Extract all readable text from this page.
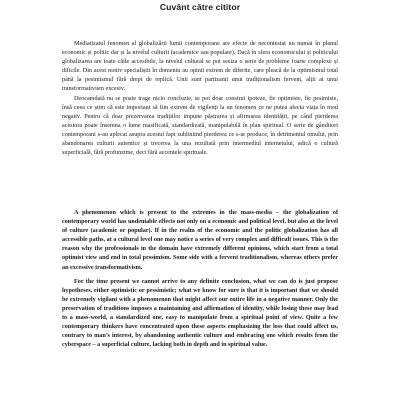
Cuvânt către cititor

Mediatizatul fenomen al globalizării lumii contemporane are efecte de necontestat nu numai în planul economic și politic dar și la nivelul culturii (academice sau populare). Dacă în sfera economicului și politicului globalizarea are toate căile accesibile, la nivelul cultural se pot sesiza o serie de probleme foarte complexe și dificile. Din acest motiv specialiștii în domeniu au opinii extrem de diferite, care pleacă de la optimismul total până la pesimismul fără drept de replică. Unii sunt partizanii unui tradiționalism fervent, alții ai unui transformativism excesiv.

Deocamdată nu se poate trage nicio concluzie, se pot doar construi ipoteze, fie optimiste, fie pesimiste, însă ceea ce știm că este important să fim extrem de vigilenți la un fenomen ce ne putea afecta viața în mod negativ. Pentru că doar prezervarea tradițiilor impune păstrarea și afirmarea identității, pe când pierderea acestora poate însemna o lume masificată, standardizată, manipulabilă în plan spiritual. O serie de gânditori contemporani s-au aplecat asupra acestui fapt subliniind pierderea ce s-ar produce, în detrimentul omului, prin abandonarea culturii autentice și trecerea la una rezultată prin intermediul internetului, adică o cultură superficială, fără profunzime, deci fără accentele spirituale.

A phenomenon which is present to the extremes in the mass-media – the globalization of contemporary world has undeniable effects not only on a economic and political level, but also at the level of culture (academic or popular). If in the realm of the economic and the politic globalization has all accessible paths, at a cultural level one may notice a series of very complex and difficult issues. This is the reason why the professionals in the domain have extremely different opinions, which start from a total optimist view and end in total pessimism. Some side with a fervent traditionalism, whereas others prefer an excessive transformativism.

For the time present we cannot arrive to any definite conclusion, what we can do is just propose hypotheses, either optimistic or pessimistic; what we know for sure is that it is important that we should be extremely vigilant with a phenomenon that might affect our entire life in a negative manner. Only the preservation of traditions imposes a maintaining and affirmation of identity, while losing these may lead to a mass-world, a standardized one, easy to manipulate from a spiritual point of view. Quite a few contemporary thinkers have concentrated upon these aspects emphasizing the loss that could affect us, contrary to man’s interest, by abandoning authentic culture and embracing one which results from the cyberspace – a superficial culture, lacking both in depth and in spiritual value.
